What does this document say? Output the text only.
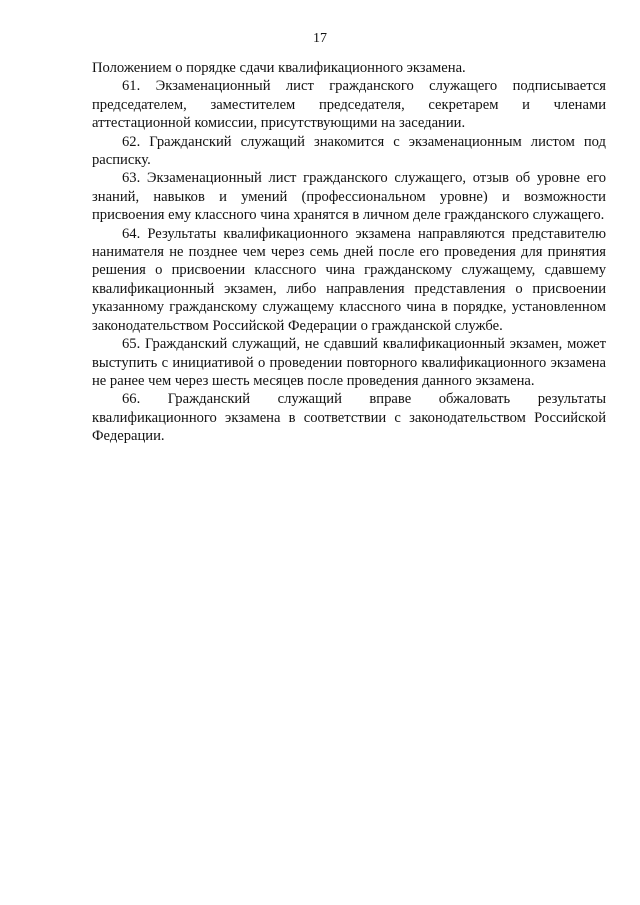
17

Положением о порядке сдачи квалификационного экзамена.

61. Экзаменационный лист гражданского служащего подписывается председателем, заместителем председателя, секретарем и членами аттестационной комиссии, присутствующими на заседании.

62. Гражданский служащий знакомится с экзаменационным листом под расписку.

63. Экзаменационный лист гражданского служащего, отзыв об уровне его знаний, навыков и умений (профессиональном уровне) и возможности присвоения ему классного чина хранятся в личном деле гражданского служащего.

64. Результаты квалификационного экзамена направляются представителю нанимателя не позднее чем через семь дней после его проведения для принятия решения о присвоении классного чина гражданскому служащему, сдавшему квалификационный экзамен, либо направления представления о присвоении указанному гражданскому служащему классного чина в порядке, установленном законодательством Российской Федерации о гражданской службе.

65. Гражданский служащий, не сдавший квалификационный экзамен, может выступить с инициативой о проведении повторного квалификационного экзамена не ранее чем через шесть месяцев после проведения данного экзамена.

66. Гражданский служащий вправе обжаловать результаты квалификационного экзамена в соответствии с законодательством Российской Федерации.
